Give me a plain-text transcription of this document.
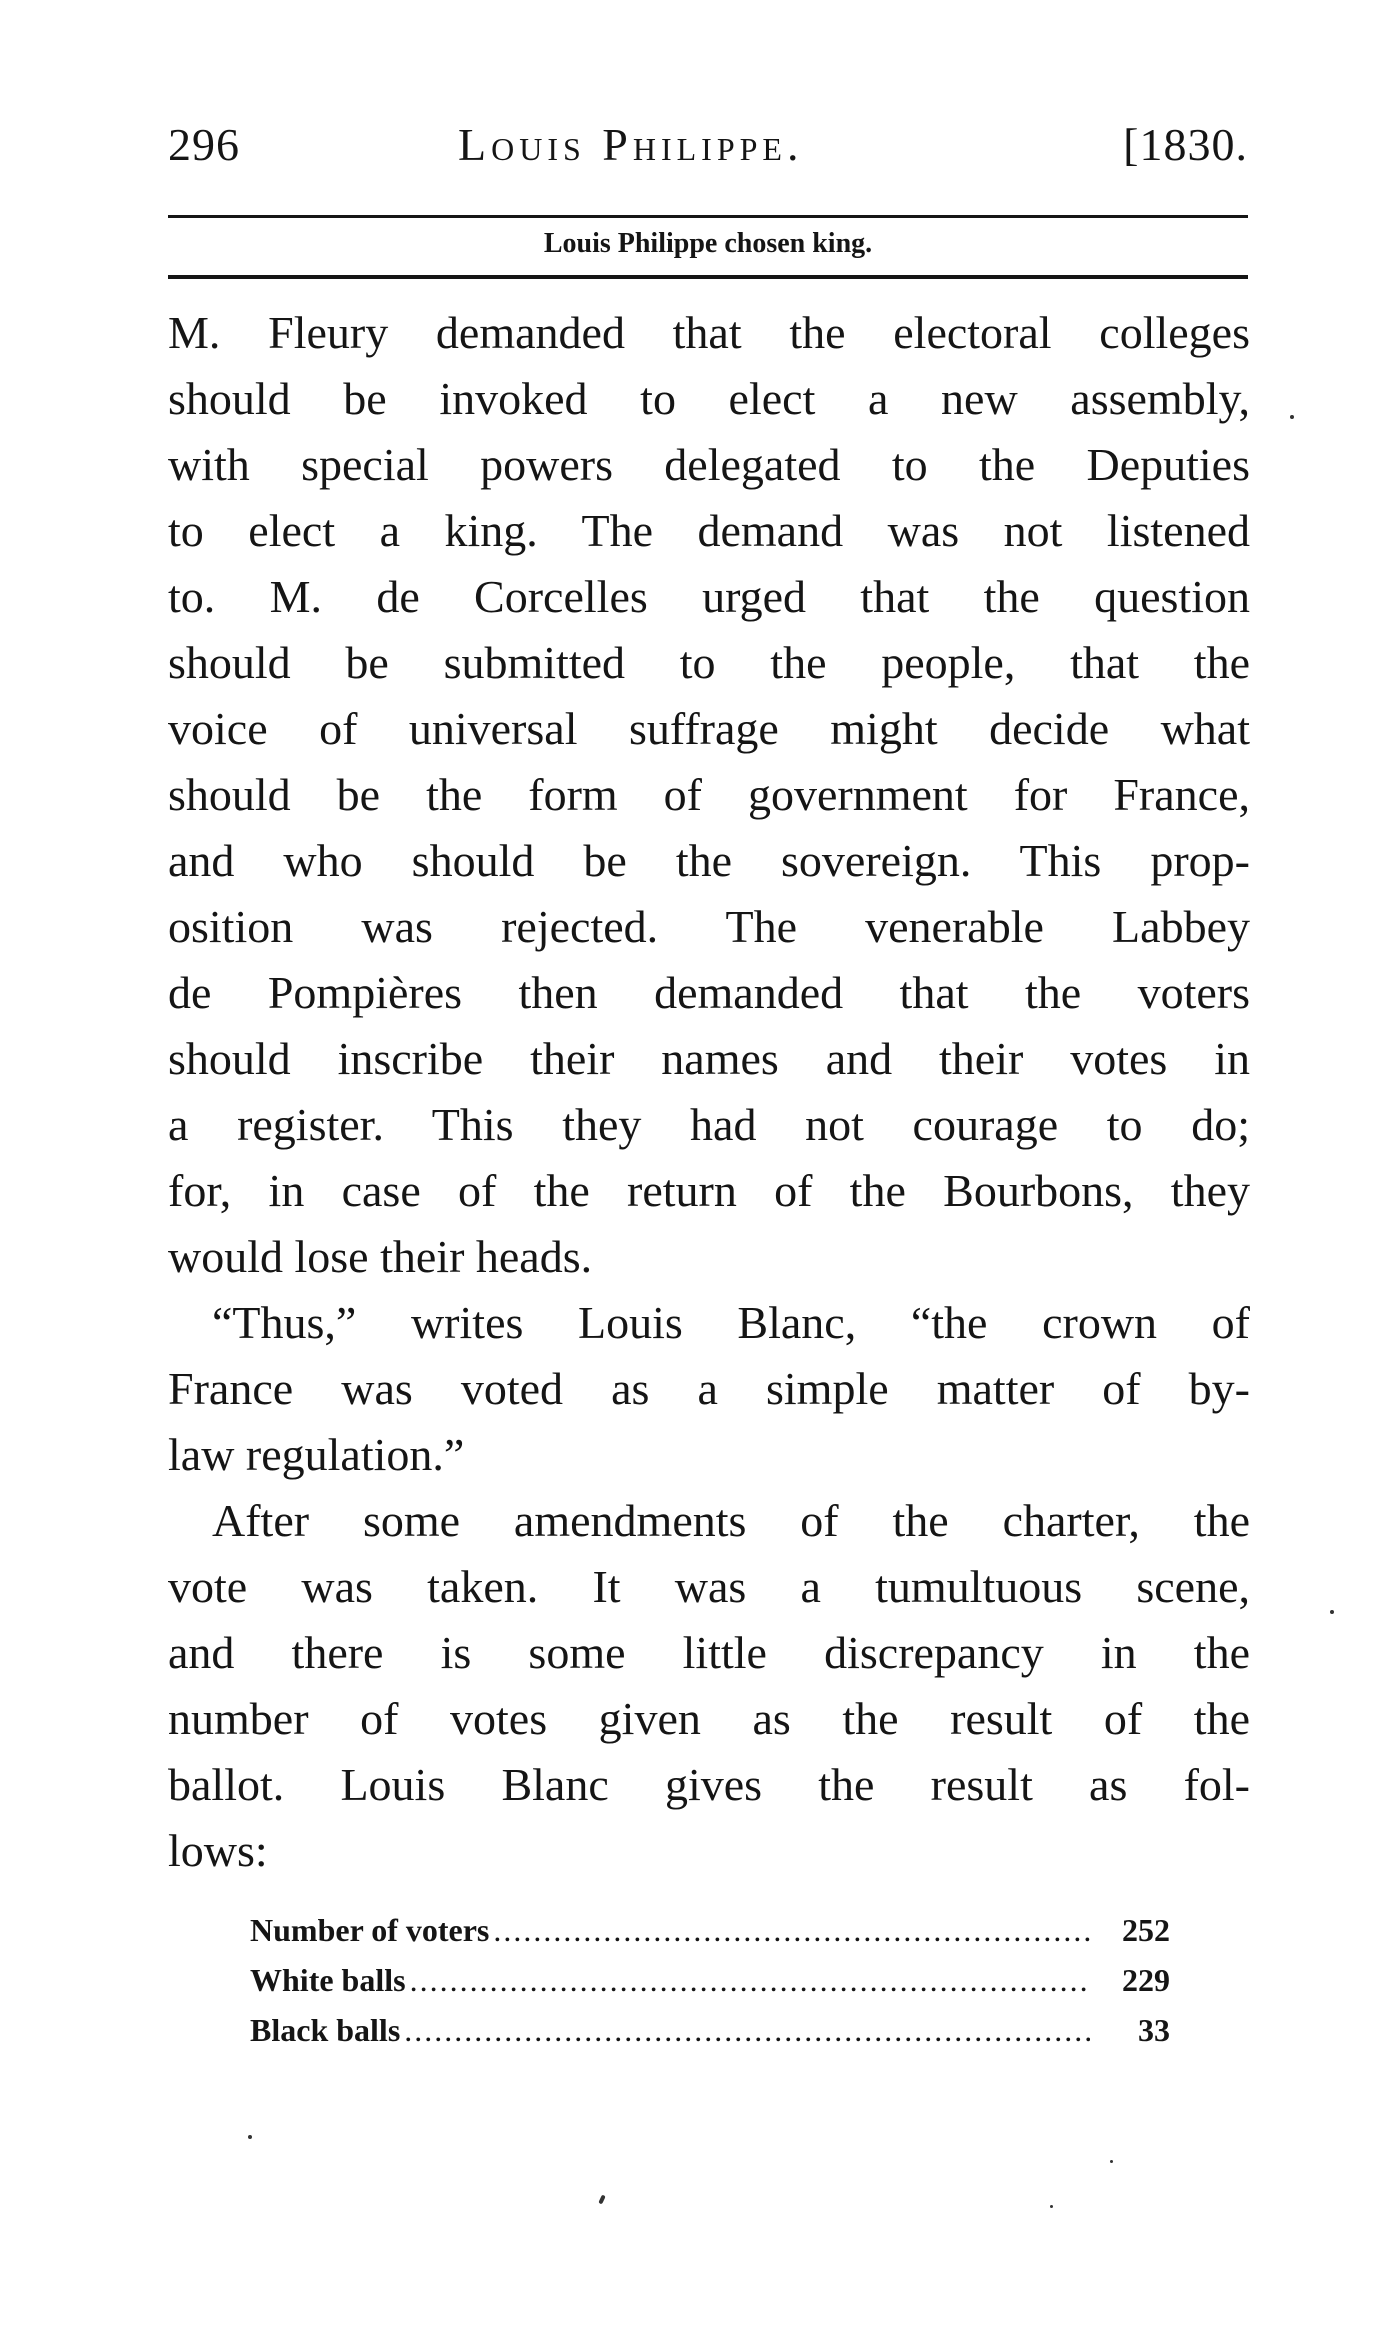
296	Louis Philippe.	[1830.
Louis Philippe chosen king.
M. Fleury demanded that the electoral colleges
should be invoked to elect a new assembly,
with special powers delegated to the Deputies
to elect a king. The demand was not listened
to. M. de Corcelles urged that the question
should be submitted to the people, that the
voice of universal suffrage might decide what
should be the form of government for France,
and who should be the sovereign. This prop-
osition was rejected. The venerable Labbey
de Pompières then demanded that the voters
should inscribe their names and their votes in
a register. This they had not courage to do;
for, in case of the return of the Bourbons, they
would lose their heads.
“Thus,” writes Louis Blanc, “the crown of
France was voted as a simple matter of by-
law regulation.”
After some amendments of the charter, the
vote was taken. It was a tumultuous scene,
and there is some little discrepancy in the
number of votes given as the result of the
ballot. Louis Blanc gives the result as fol-
lows:
Number of voters .....	252
White balls .....	229
Black balls .....	33
